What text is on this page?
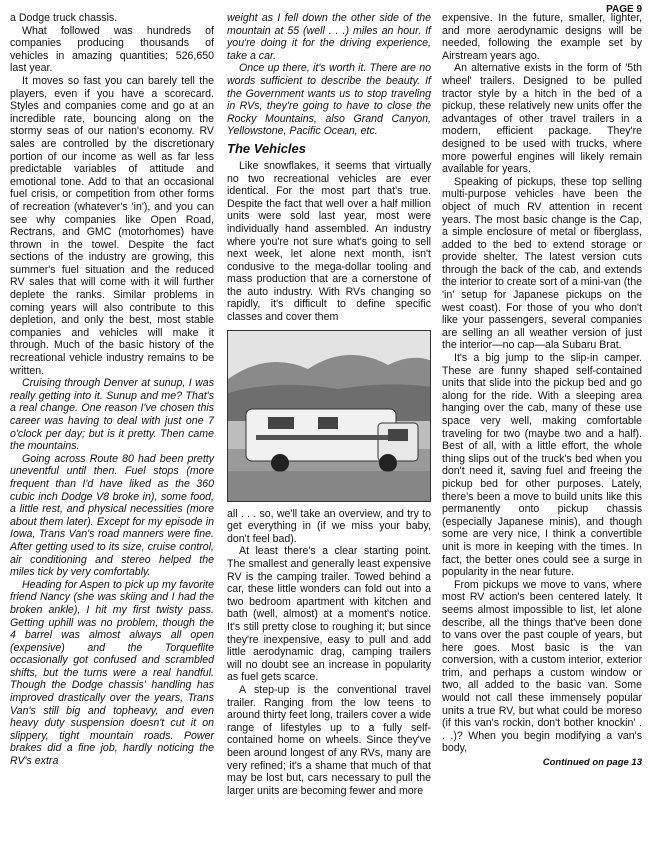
PAGE 9

a Dodge truck chassis.

What followed was hundreds of companies producing thousands of vehicles in amazing quantities; 526,650 last year.

It moves so fast you can barely tell the players, even if you have a scorecard. Styles and companies come and go at an incredible rate, bouncing along on the stormy seas of our nation's economy. RV sales are controlled by the discretionary portion of our income as well as far less predictable variables of attitude and emotional tone. Add to that an occasional fuel crisis, or competition from other forms of recreation (whatever's 'in'), and you can see why companies like Open Road, Rectrans, and GMC (motorhomes) have thrown in the towel. Despite the fact sections of the industry are growing, this summer's fuel situation and the reduced RV sales that will come with it will further deplete the ranks. Similar problems in coming years will also contribute to this depletion, and only the best, most stable companies and vehicles will make it through. Much of the basic history of the recreational vehicle industry remains to be written.

Cruising through Denver at sunup, I was really getting into it. Sunup and me? That's a real change. One reason I've chosen this career was having to deal with just one 7 o'clock per day; but is it pretty. Then came the mountains.

Going across Route 80 had been pretty uneventful until then. Fuel stops (more frequent than I'd have liked as the 360 cubic inch Dodge V8 broke in), some food, a little rest, and physical necessities (more about them later). Except for my episode in Iowa, Trans Van's road manners were fine. After getting used to its size, cruise control, air conditioning and stereo helped the miles tick by very comfortably.

Heading for Aspen to pick up my favorite friend Nancy (she was skiing and I had the broken ankle), I hit my first twisty pass. Getting uphill was no problem, though the 4 barrel was almost always all open (expensive) and the Torqueflite occasionally got confused and scrambled shifts, but the turns were a real handful. Though the Dodge chassis' handling has improved drastically over the years, Trans Van's still big and topheavy, and even heavy duty suspension doesn't cut it on slippery, tight mountain roads. Power brakes did a fine job, hardly noticing the RV's extra

weight as I fell down the other side of the mountain at 55 (well . . .) miles an hour. If you're doing it for the driving experience, take a car.

Once up there, it's worth it. There are no words sufficient to describe the beauty. If the Government wants us to stop traveling in RVs, they're going to have to close the Rocky Mountains, also Grand Canyon, Yellowstone, Pacific Ocean, etc.

The Vehicles

Like snowflakes, it seems that virtually no two recreational vehicles are ever identical. For the most part that's true. Despite the fact that well over a half million units were sold last year, most were individually hand assembled. An industry where you're not sure what's going to sell next week, let alone next month, isn't condusive to the mega-dollar tooling and mass production that are a cornerstone of the auto industry. With RVs changing so rapidly, it's difficult to define specific classes and cover them

all . . . so, we'll take an overview, and try to get everything in (if we miss your baby, don't feel bad).

At least there's a clear starting point. The smallest and generally least expensive RV is the camping trailer. Towed behind a car, these little wonders can fold out into a two bedroom apartment with kitchen and bath (well, almost) at a moment's notice. It's still pretty close to roughing it; but since they're inexpensive, easy to pull and add little aerodynamic drag, camping trailers will no doubt see an increase in popularity as fuel gets scarce.

A step-up is the conventional travel trailer. Ranging from the low teens to around thirty feet long, trailers cover a wide range of lifestyles up to a fully self-contained home on wheels. Since they've been around longest of any RVs, many are very refined; it's a shame that much of that may be lost but, cars necessary to pull the larger units are becoming fewer and more

expensive. In the future, smaller, lighter, and more aerodynamic designs will be needed, following the example set by Airstream years ago.

An alternative exists in the form of '5th wheel' trailers. Designed to be pulled tractor style by a hitch in the bed of a pickup, these relatively new units offer the advantages of other travel trailers in a modern, efficient package. They're designed to be used with trucks, where more powerful engines will likely remain available for years.

Speaking of pickups, these top selling multi-purpose vehicles have been the object of much RV attention in recent years. The most basic change is the Cap, a simple enclosure of metal or fiberglass, added to the bed to extend storage or provide shelter. The latest version cuts through the back of the cab, and extends the interior to create sort of a mini-van (the 'in' setup for Japanese pickups on the west coast). For those of you who don't like your passengers, several companies are selling an all weather version of just the interior—no cap—ala Subaru Brat.

It's a big jump to the slip-in camper. These are funny shaped self-contained units that slide into the pickup bed and go along for the ride. With a sleeping area hanging over the cab, many of these use space very well, making comfortable traveling for two (maybe two and a half). Best of all, with a little effort, the whole thing slips out of the truck's bed when you don't need it, saving fuel and freeing the pickup bed for other purposes. Lately, there's been a move to build units like this permanently onto pickup chassis (especially Japanese minis), and though some are very nice, I think a convertible unit is more in keeping with the times. In fact, the better ones could see a surge in popularity in the near future.

From pickups we move to vans, where most RV action's been centered lately. It seems almost impossible to list, let alone describe, all the things that've been done to vans over the past couple of years, but here goes. Most basic is the van conversion, with a custom interior, exterior trim, and perhaps a custom window or two, all added to the basic van. Some would not call these immensely popular units a true RV, but what could be moreso (if this van's rockin, don't bother knockin' . . .)? When you begin modifying a van's body,

Continued on page 13
